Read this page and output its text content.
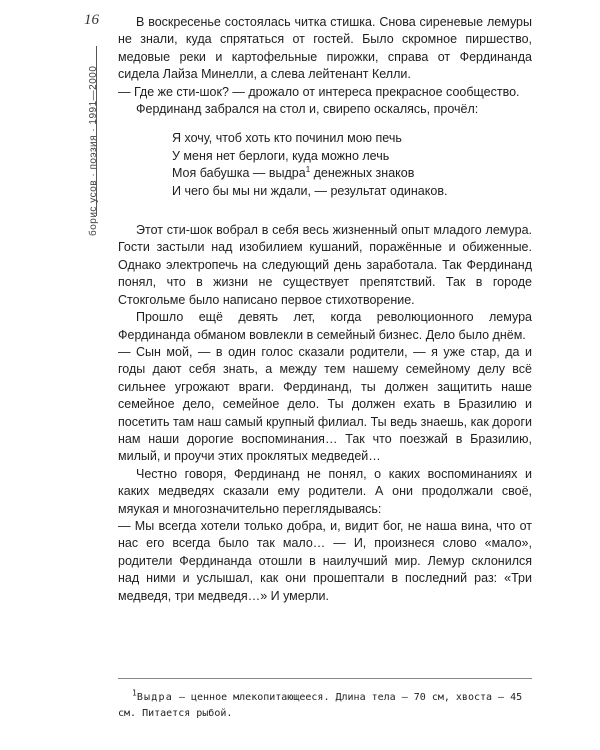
16
борис усов · поэзия · 1991—2000

В воскресенье состоялась читка стишка. Снова сиреневые лемуры не знали, куда спрятаться от гостей. Было скромное пиршество, медовые реки и картофельные пирожки, справа от Фердинанда сидела Лайза Минелли, а слева лейтенант Келли.

— Где же сти-шок? — дрожало от интереса прекрасное сообщество.

Фердинанд забрался на стол и, свирепо оскалясь, прочёл:

Я хочу, чтоб хоть кто починил мою печь
У меня нет берлоги, куда можно лечь
Моя бабушка — выдра$^1$ денежных знаков
И чего бы мы ни ждали, — результат одинаков.

Этот сти-шок вобрал в себя весь жизненный опыт младого лемура. Гости застыли над изобилием кушаний, поражённые и обиженные. Однако электропечь на следующий день заработала. Так Фердинанд понял, что в жизни не существует препятствий. Так в городе Стокгольме было написано первое стихотворение.

Прошло ещё девять лет, когда революционного лемура Фердинанда обманом вовлекли в семейный бизнес. Дело было днём.

— Сын мой, — в один голос сказали родители, — я уже стар, да и годы дают себя знать, а между тем нашему семейному делу всё сильнее угрожают враги. Фердинанд, ты должен защитить наше семейное дело, семейное дело. Ты должен ехать в Бразилию и посетить там наш самый крупный филиал. Ты ведь знаешь, как дороги нам наши дорогие воспоминания… Так что поезжай в Бразилию, милый, и проучи этих проклятых медведей…

Честно говоря, Фердинанд не понял, о каких воспоминаниях и каких медведях сказали ему родители. А они продолжали своё, мяукая и многозначительно переглядываясь:

— Мы всегда хотели только добра, и, видит бог, не наша вина, что от нас его всегда было так мало… — И, произнеся слово «мало», родители Фердинанда отошли в наилучший мир. Лемур склонился над ними и услышал, как они прошептали в последний раз: «Три медведя, три медведя…» И умерли.

$^1$Выдра — ценное млекопитающееся. Длина тела — 70 см, хвоста — 45 см. Питается рыбой.
